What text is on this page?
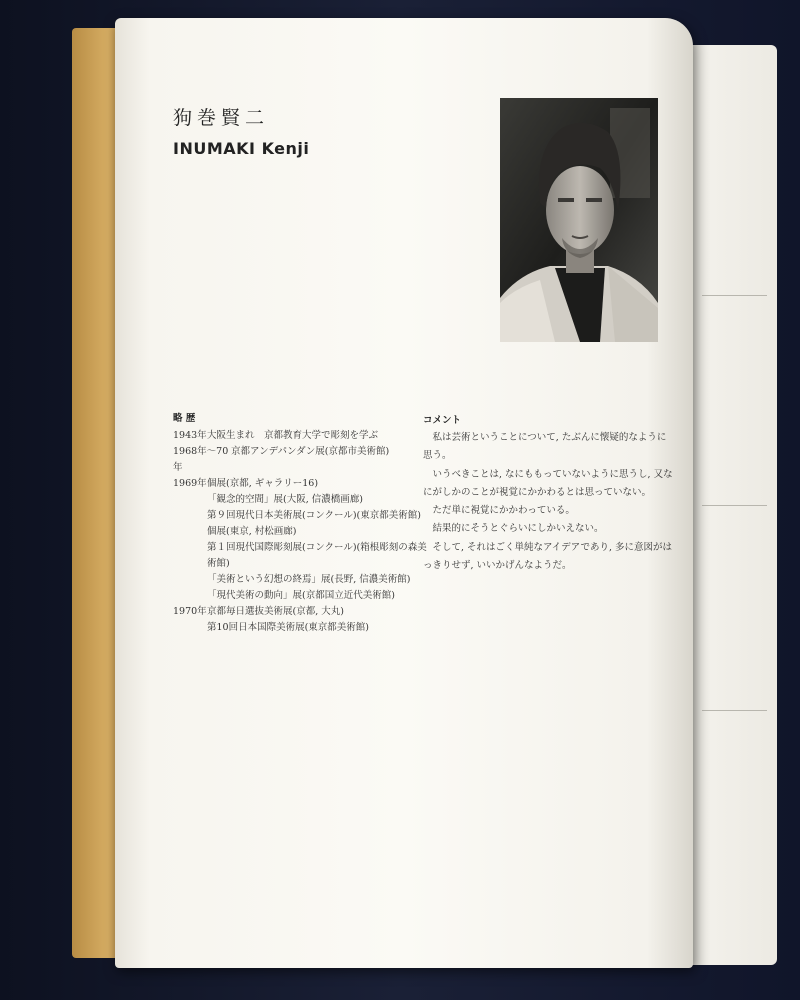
狗巻賢二
INUMAKI Kenji
略 歴
1943年 大阪生まれ　京都教育大学で彫刻を学ぶ
1968年〜70年
京都アンデパンダン展(京都市美術館)
1969年 個展(京都, ギャラリー16)
「観念的空間」展(大阪, 信濃橋画廊)
第９回現代日本美術展(コンクール)(東京都美術館)
個展(東京, 村松画廊)
第１回現代国際彫刻展(コンクール)(箱根彫刻の森美術館)
「美術という幻想の終焉」展(長野, 信濃美術館)
「現代美術の動向」展(京都国立近代美術館)
1970年 京都毎日選抜美術展(京都, 大丸)
第10回日本国際美術展(東京都美術館)
コメント

私は芸術ということについて, たぶんに懐疑的なように思う。

いうべきことは, なにももっていないように思うし, 又なにがしかのことが視覚にかかわるとは思っていない。

ただ単に視覚にかかわっている。

結果的にそうとぐらいにしかいえない。

そして, それはごく単純なアイデアであり, 多に意図がはっきりせず, いいかげんなようだ。
